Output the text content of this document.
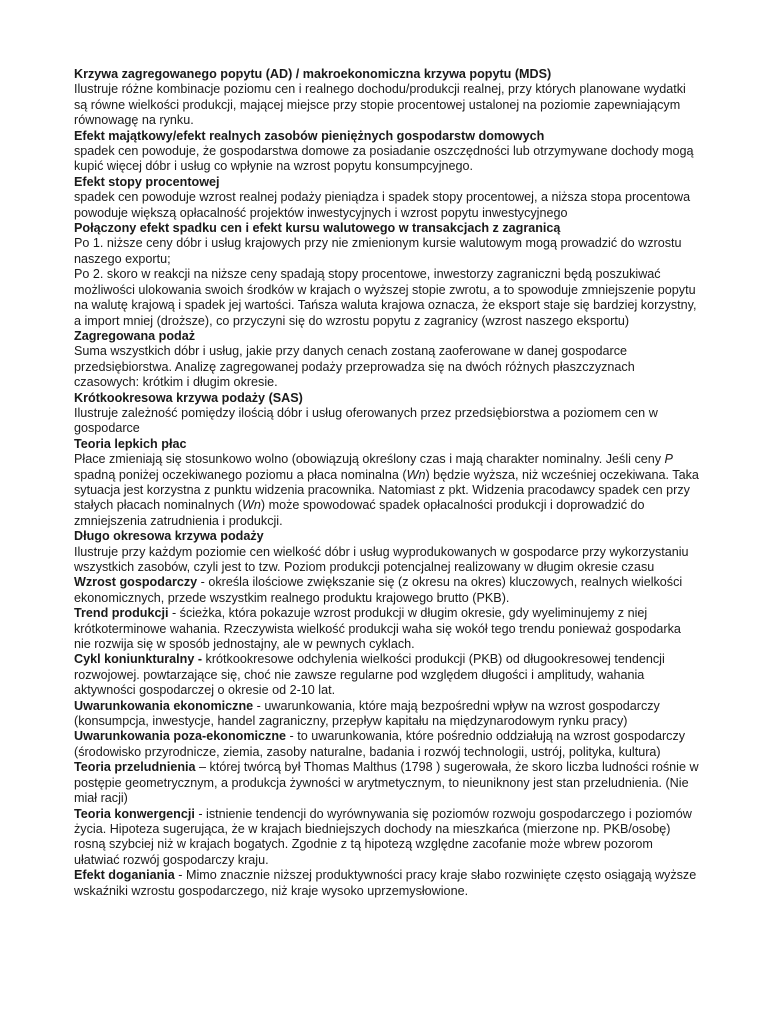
Krzywa zagregowanego popytu (AD) / makroekonomiczna krzywa popytu (MDS)
Ilustruje różne kombinacje poziomu cen i realnego dochodu/produkcji realnej, przy których planowane wydatki są równe wielkości produkcji, mającej miejsce przy stopie procentowej ustalonej na poziomie zapewniającym równowagę na rynku.
Efekt majątkowy/efekt realnych zasobów pieniężnych gospodarstw domowych
spadek cen powoduje, że gospodarstwa domowe za posiadanie oszczędności lub otrzymywane dochody mogą kupić więcej dóbr i usług co wpłynie na wzrost popytu konsumpcyjnego.
Efekt stopy procentowej
spadek cen powoduje wzrost realnej podaży pieniądza i spadek stopy procentowej, a niższa stopa procentowa powoduje większą opłacalność projektów inwestycyjnych i wzrost popytu inwestycyjnego
Połączony efekt spadku cen i efekt kursu walutowego w transakcjach z zagranicą
Po 1. niższe ceny dóbr i usług krajowych przy nie zmienionym kursie walutowym mogą prowadzić do wzrostu naszego exportu;
Po 2. skoro w reakcji na niższe ceny spadają stopy procentowe, inwestorzy zagraniczni będą poszukiwać możliwości ulokowania swoich środków w krajach o wyższej stopie zwrotu, a to spowoduje zmniejszenie popytu na walutę krajową i spadek jej wartości. Tańsza waluta krajowa oznacza, że eksport staje się bardziej korzystny, a import mniej (droższe), co przyczyni się do wzrostu popytu z zagranicy (wzrost naszego eksportu)
Zagregowana podaż
Suma wszystkich dóbr i usług, jakie przy danych cenach zostaną zaoferowane w danej gospodarce przedsiębiorstwa. Analizę zagregowanej podaży przeprowadza się na dwóch różnych płaszczyznach czasowych: krótkim i długim okresie.
Krótkookresowa krzywa podaży (SAS)
Ilustruje zależność pomiędzy ilością dóbr i usług oferowanych przez przedsiębiorstwa a poziomem cen w gospodarce
Teoria lepkich płac
Płace zmieniają się stosunkowo wolno (obowiązują określony czas i mają charakter nominalny. Jeśli ceny P spadną poniżej oczekiwanego poziomu a płaca nominalna (Wn) będzie wyższa, niż wcześniej oczekiwana. Taka sytuacja jest korzystna z punktu widzenia pracownika. Natomiast z pkt. Widzenia pracodawcy spadek cen przy stałych płacach nominalnych (Wn) może spowodować spadek opłacalności produkcji i doprowadzić do zmniejszenia zatrudnienia i produkcji.
Długo okresowa krzywa podaży
Ilustruje przy każdym poziomie cen wielkość dóbr i usług wyprodukowanych w gospodarce przy wykorzystaniu wszystkich zasobów, czyli jest to tzw. Poziom produkcji potencjalnej realizowany w długim okresie czasu
Wzrost gospodarczy - określa ilościowe zwiększanie się (z okresu na okres) kluczowych, realnych wielkości ekonomicznych, przede wszystkim realnego produktu krajowego brutto (PKB).
Trend produkcji - ścieżka, która pokazuje wzrost produkcji w długim okresie, gdy wyeliminujemy z niej krótkoterminowe wahania. Rzeczywista wielkość produkcji waha się wokół tego trendu ponieważ gospodarka nie rozwija się w sposób jednostajny, ale w pewnych cyklach.
Cykl koniunkturalny - krótkookresowe odchylenia wielkości produkcji (PKB) od długookresowej tendencji rozwojowej. powtarzające się, choć nie zawsze regularne pod względem długości i amplitudy, wahania aktywności gospodarczej o okresie od 2-10 lat.
Uwarunkowania ekonomiczne - uwarunkowania, które mają bezpośredni wpływ na wzrost gospodarczy (konsumpcja, inwestycje, handel zagraniczny, przepływ kapitału na międzynarodowym rynku pracy)
Uwarunkowania poza-ekonomiczne - to uwarunkowania, które pośrednio oddziałują na wzrost gospodarczy (środowisko przyrodnicze, ziemia, zasoby naturalne, badania i rozwój technologii, ustrój, polityka, kultura)
Teoria przeludnienia – której twórcą był Thomas Malthus (1798 ) sugerowała, że skoro liczba ludności rośnie w postępie geometrycznym, a produkcja żywności w arytmetycznym, to nieuniknony jest stan przeludnienia. (Nie miał racji)
Teoria konwergencji - istnienie tendencji do wyrównywania się poziomów rozwoju gospodarczego i poziomów życia. Hipoteza sugerująca, że w krajach biedniejszych dochody na mieszkańca (mierzone np. PKB/osobę) rosną szybciej niż w krajach bogatych. Zgodnie z tą hipotezą względne zacofanie może wbrew pozorom ułatwiać rozwój gospodarczy kraju.
Efekt doganiania - Mimo znacznie niższej produktywności pracy kraje słabo rozwinięte często osiągają wyższe wskaźniki wzrostu gospodarczego, niż kraje wysoko uprzemysłowione.
